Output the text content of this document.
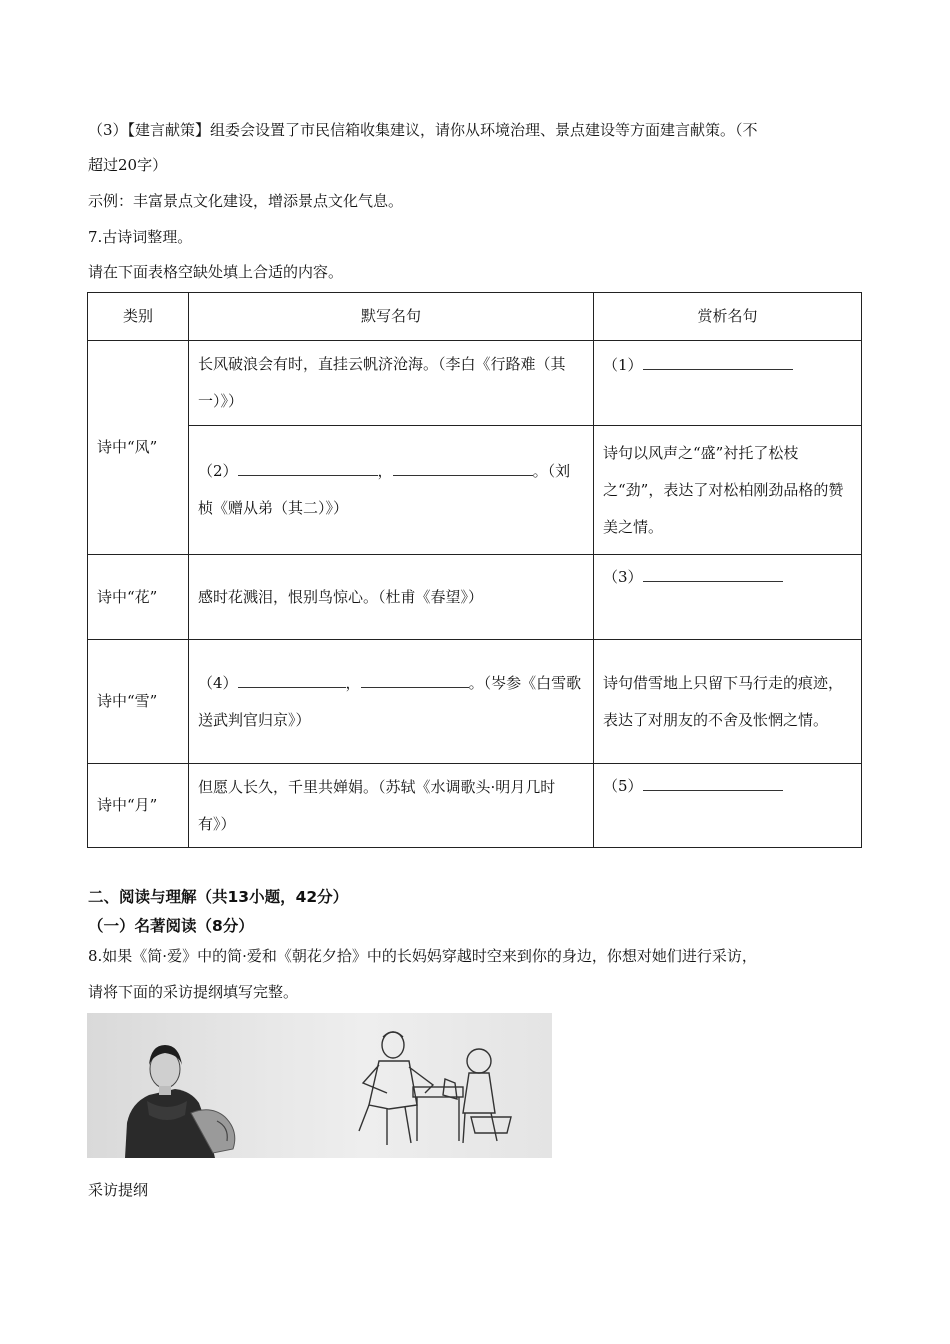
（3）【建言献策】组委会设置了市民信箱收集建议，请你从环境治理、景点建设等方面建言献策。（不

超过20字）

示例：丰富景点文化建设，增添景点文化气息。

7.古诗词整理。

请在下面表格空缺处填上合适的内容。

类别	默写名句	赏析名句
诗中“风”	长风破浪会有时，直挂云帆济沧海。（李白《行路难（其一）》）	（1）
	（2） ， 。（刘桢《赠从弟（其二）》）	诗句以风声之“盛”衬托了松枝之“劲”，表达了对松柏刚劲品格的赞美之情。
诗中“花”	感时花溅泪，恨别鸟惊心。（杜甫《春望》）	（3）
诗中“雪”	（4） ， 。（岑参《白雪歌送武判官归京》）	诗句借雪地上只留下马行走的痕迹，表达了对朋友的不舍及怅惘之情。
诗中“月”	但愿人长久，千里共婵娟。（苏轼《水调歌头·明月几时有》）	（5）

二、阅读与理解（共13小题，42分）

（一）名著阅读（8分）

8.如果《简·爱》中的简·爱和《朝花夕拾》中的长妈妈穿越时空来到你的身边，你想对她们进行采访，

请将下面的采访提纲填写完整。

采访提纲
